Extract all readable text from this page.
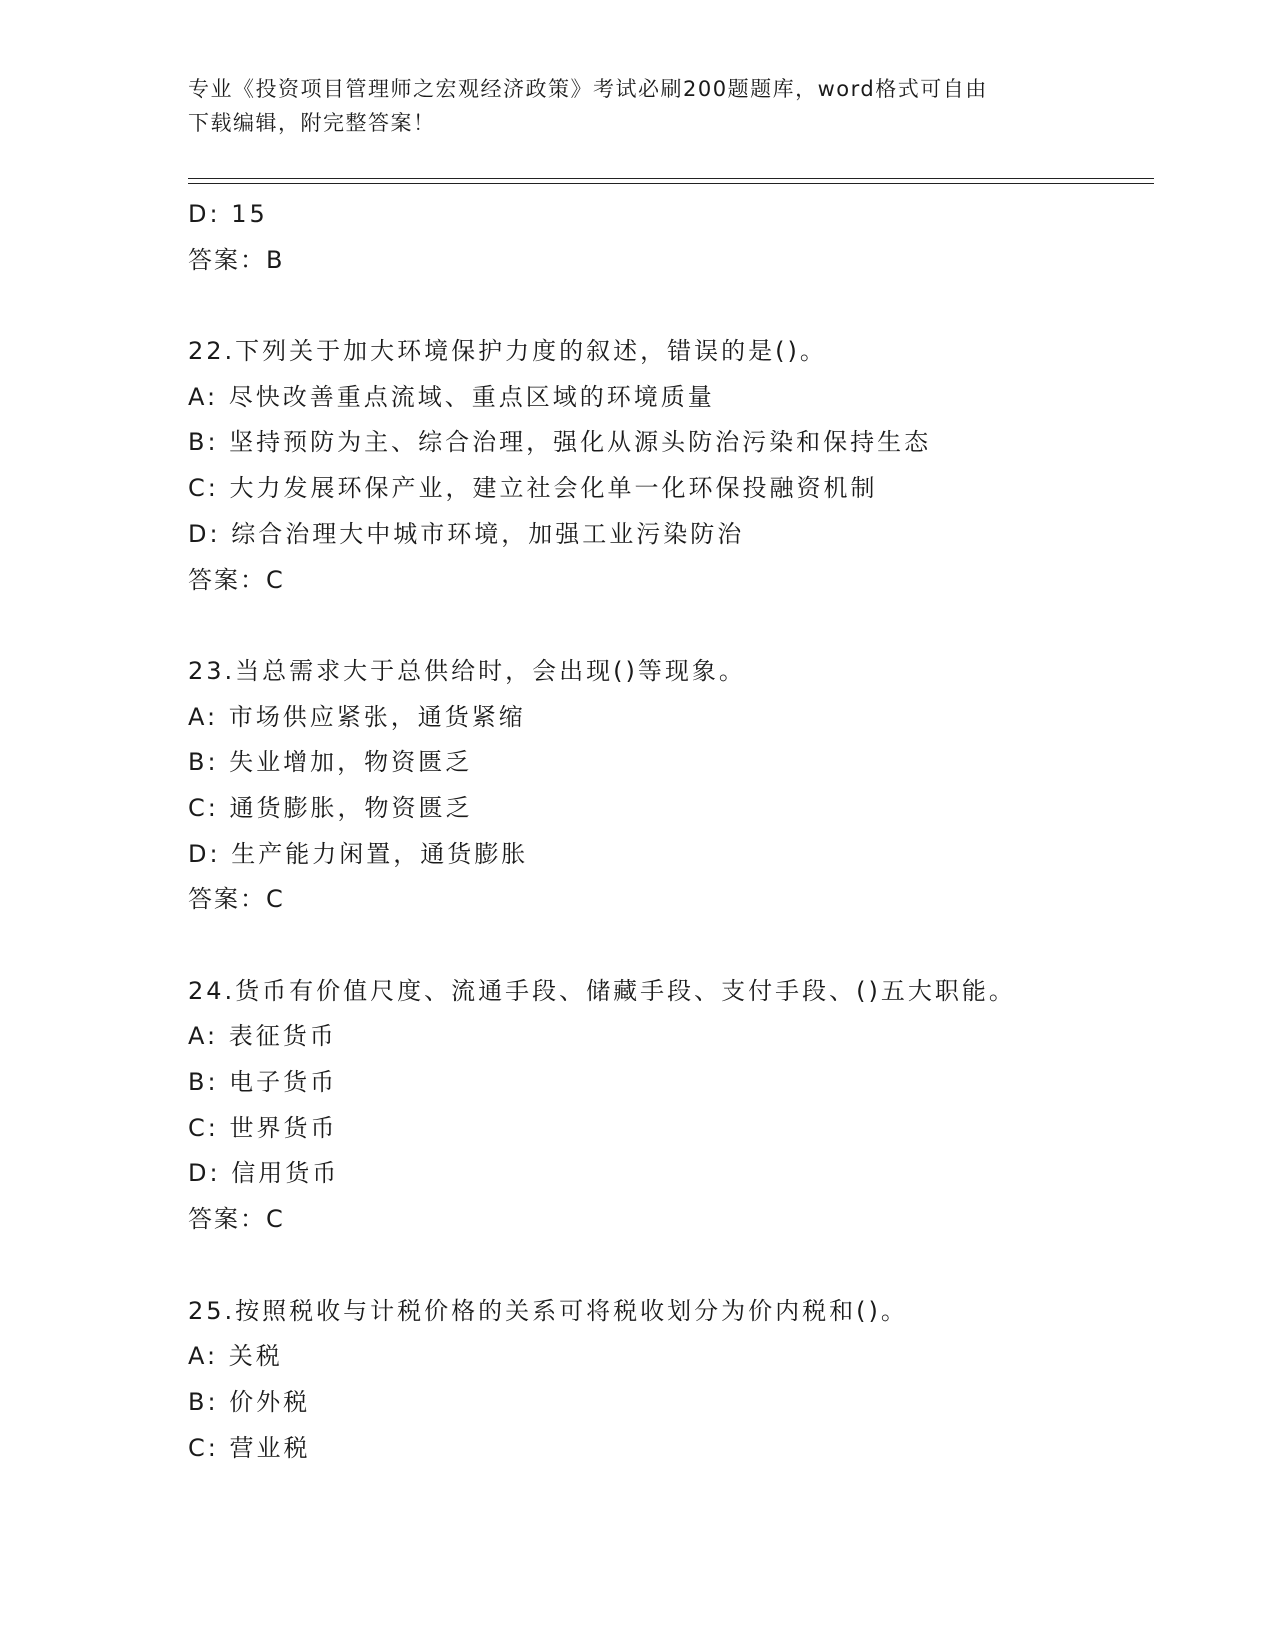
专业《投资项目管理师之宏观经济政策》考试必刷200题题库，word格式可自由
下载编辑，附完整答案！
D: 15
答案：B
22.下列关于加大环境保护力度的叙述，错误的是()。
A: 尽快改善重点流域、重点区域的环境质量
B: 坚持预防为主、综合治理，强化从源头防治污染和保持生态
C: 大力发展环保产业，建立社会化单一化环保投融资机制
D: 综合治理大中城市环境，加强工业污染防治
答案：C
23.当总需求大于总供给时，会出现()等现象。
A: 市场供应紧张，通货紧缩
B: 失业增加，物资匮乏
C: 通货膨胀，物资匮乏
D: 生产能力闲置，通货膨胀
答案：C
24.货币有价值尺度、流通手段、储藏手段、支付手段、()五大职能。
A: 表征货币
B: 电子货币
C: 世界货币
D: 信用货币
答案：C
25.按照税收与计税价格的关系可将税收划分为价内税和()。
A: 关税
B: 价外税
C: 营业税
